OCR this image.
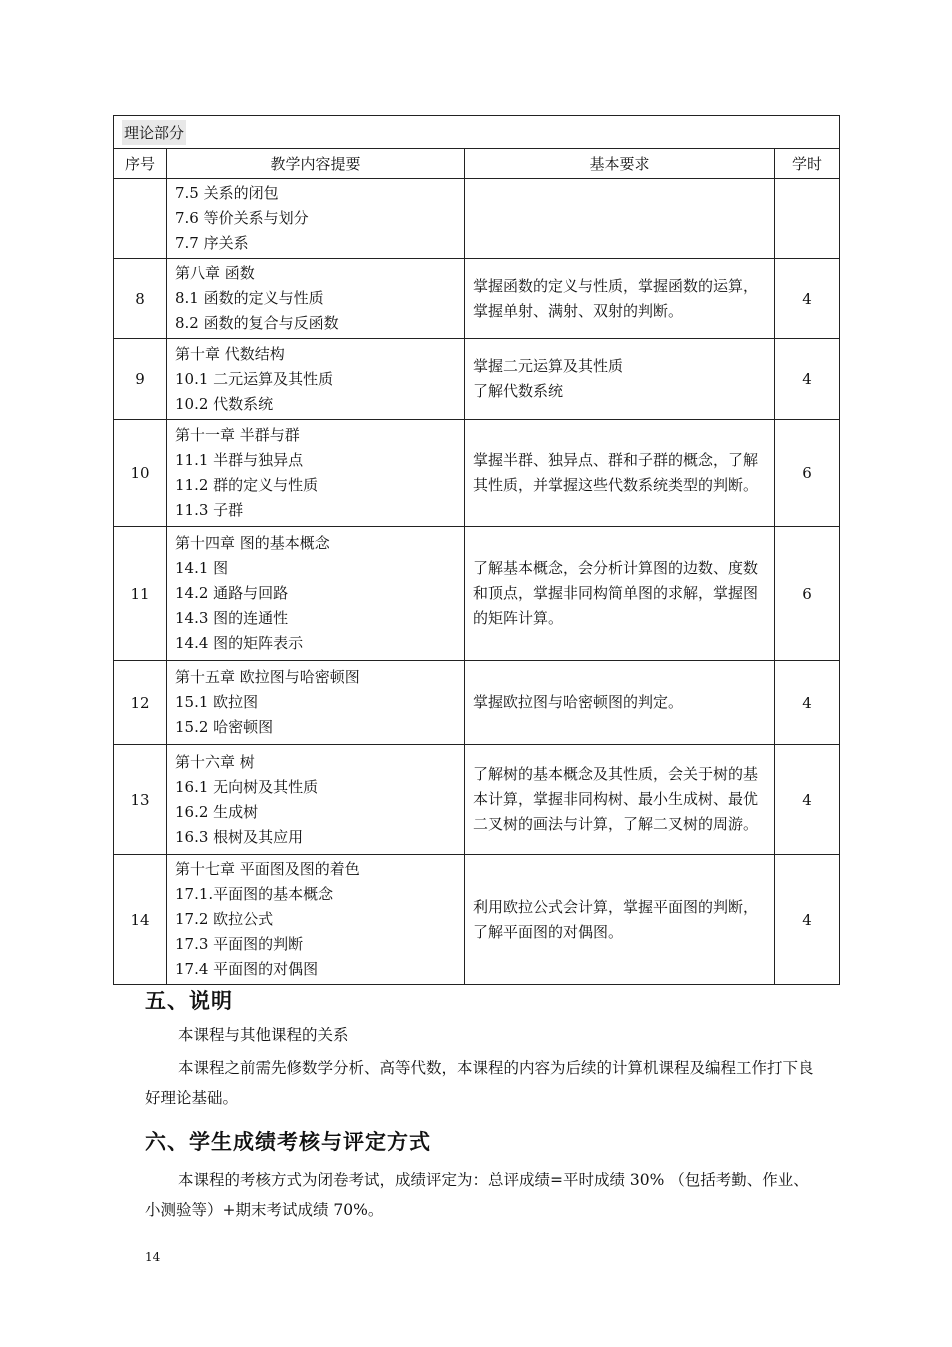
理论部分			
序号	教学内容提要	基本要求	学时

	7.5 关系的闭包
7.6 等价关系与划分
7.7 序关系		

8	第八章 函数
8.1 函数的定义与性质
8.2 函数的复合与反函数	掌握函数的定义与性质，掌握函数的运算，掌握单射、满射、双射的判断。	4
9	第十章 代数结构
10.1 二元运算及其性质
10.2 代数系统	掌握二元运算及其性质
了解代数系统	4
10	第十一章 半群与群
11.1 半群与独异点
11.2 群的定义与性质
11.3 子群	掌握半群、独异点、群和子群的概念，了解其性质，并掌握这些代数系统类型的判断。	6
11	第十四章 图的基本概念
14.1 图
14.2 通路与回路
14.3 图的连通性
14.4 图的矩阵表示	了解基本概念，会分析计算图的边数、度数和顶点，掌握非同构简单图的求解，掌握图的矩阵计算。	6
12	第十五章 欧拉图与哈密顿图
15.1 欧拉图
15.2 哈密顿图	掌握欧拉图与哈密顿图的判定。	4
13	第十六章 树
16.1 无向树及其性质
16.2 生成树
16.3 根树及其应用	了解树的基本概念及其性质，会关于树的基本计算，掌握非同构树、最小生成树、最优二叉树的画法与计算，了解二叉树的周游。	4
14	第十七章 平面图及图的着色
17.1.平面图的基本概念
17.2 欧拉公式
17.3 平面图的判断
17.4 平面图的对偶图	利用欧拉公式会计算，掌握平面图的判断，了解平面图的对偶图。	4
五、说明

本课程与其他课程的关系

本课程之前需先修数学分析、高等代数，本课程的内容为后续的计算机课程及编程工作打下良好理论基础。

六、学生成绩考核与评定方式

本课程的考核方式为闭卷考试，成绩评定为：总评成绩=平时成绩 30% （包括考勤、作业、小测验等）+期末考试成绩 70%。

14
